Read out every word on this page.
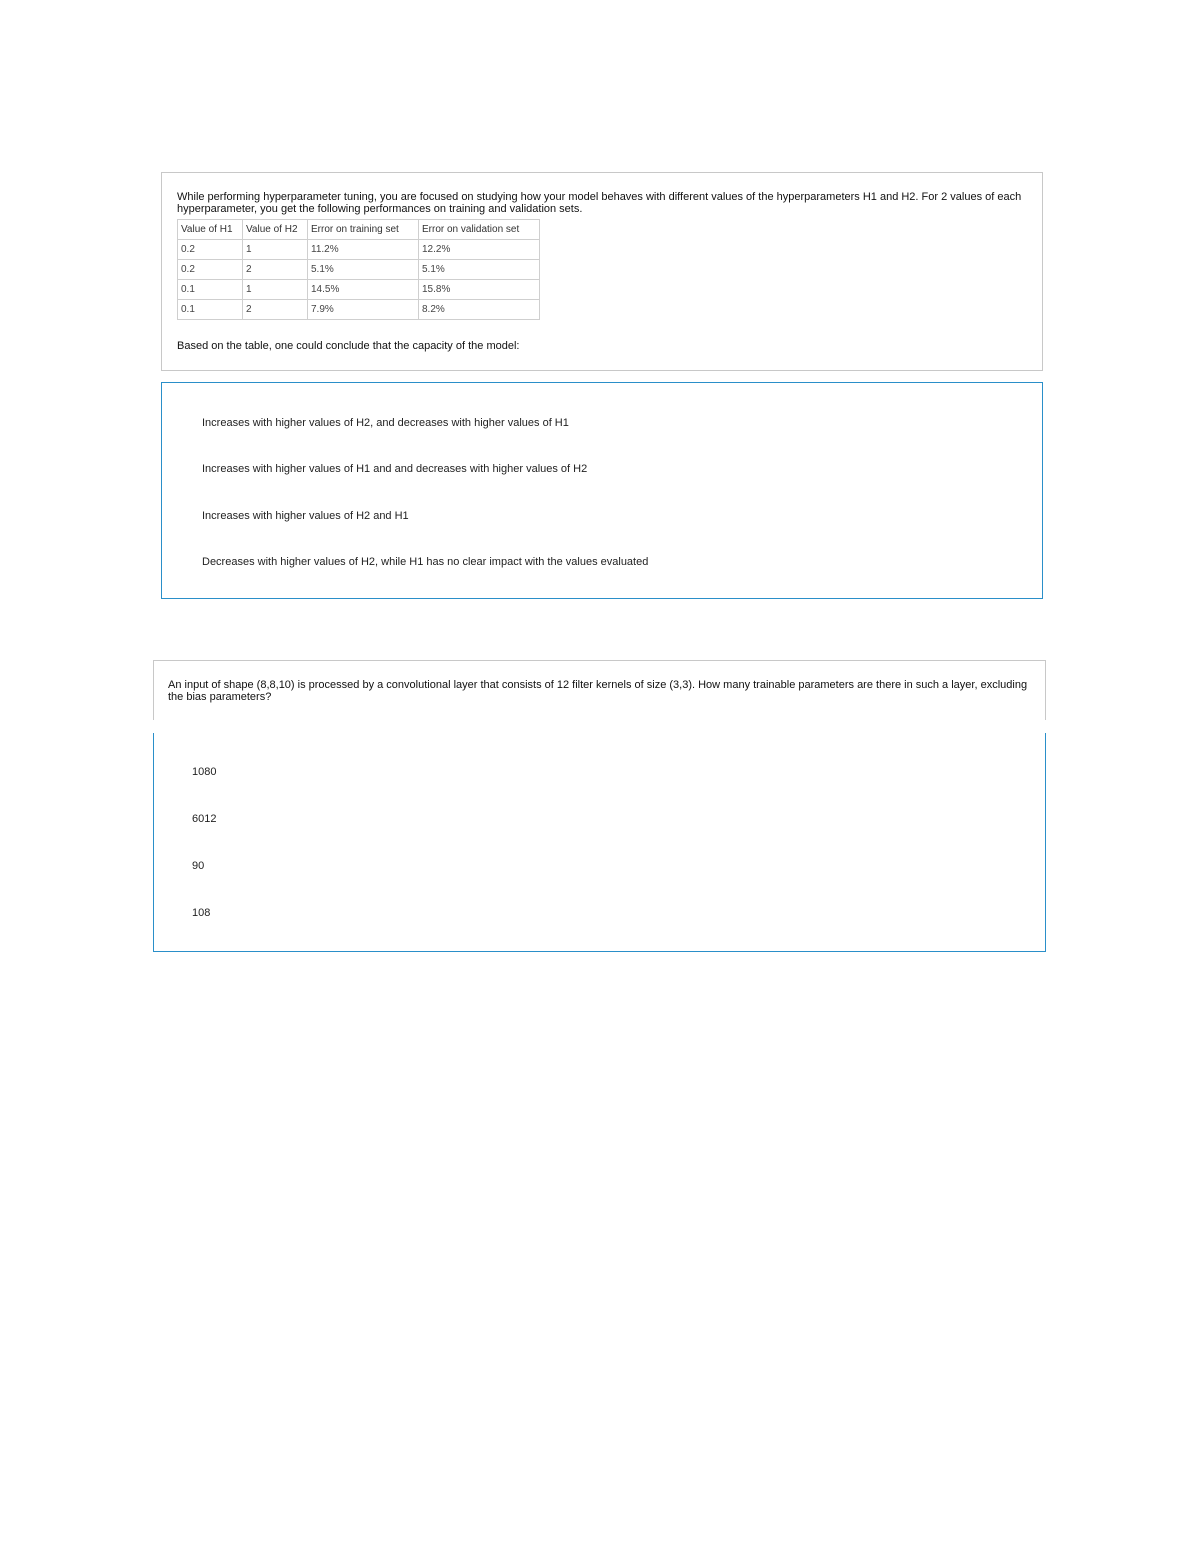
While performing hyperparameter tuning, you are focused on studying how your model behaves with different values of the hyperparameters H1 and H2. For 2 values of each hyperparameter, you get the following performances on training and validation sets.

Value of H1	Value of H2	Error on training set	Error on validation set
0.2	1	11.2%	12.2%
0.2	2	5.1%	5.1%
0.1	1	14.5%	15.8%
0.1	2	7.9%	8.2%
Based on the table, one could conclude that the capacity of the model:
Increases with higher values of H2, and decreases with higher values of H1
Increases with higher values of H1 and and decreases with higher values of H2
Increases with higher values of H2 and H1
Decreases with higher values of H2, while H1 has no clear impact with the values evaluated

An input of shape (8,8,10) is processed by a convolutional layer that consists of 12 filter kernels of size (3,3). How many trainable parameters are there in such a layer, excluding the bias parameters?

1080
6012
90
108
